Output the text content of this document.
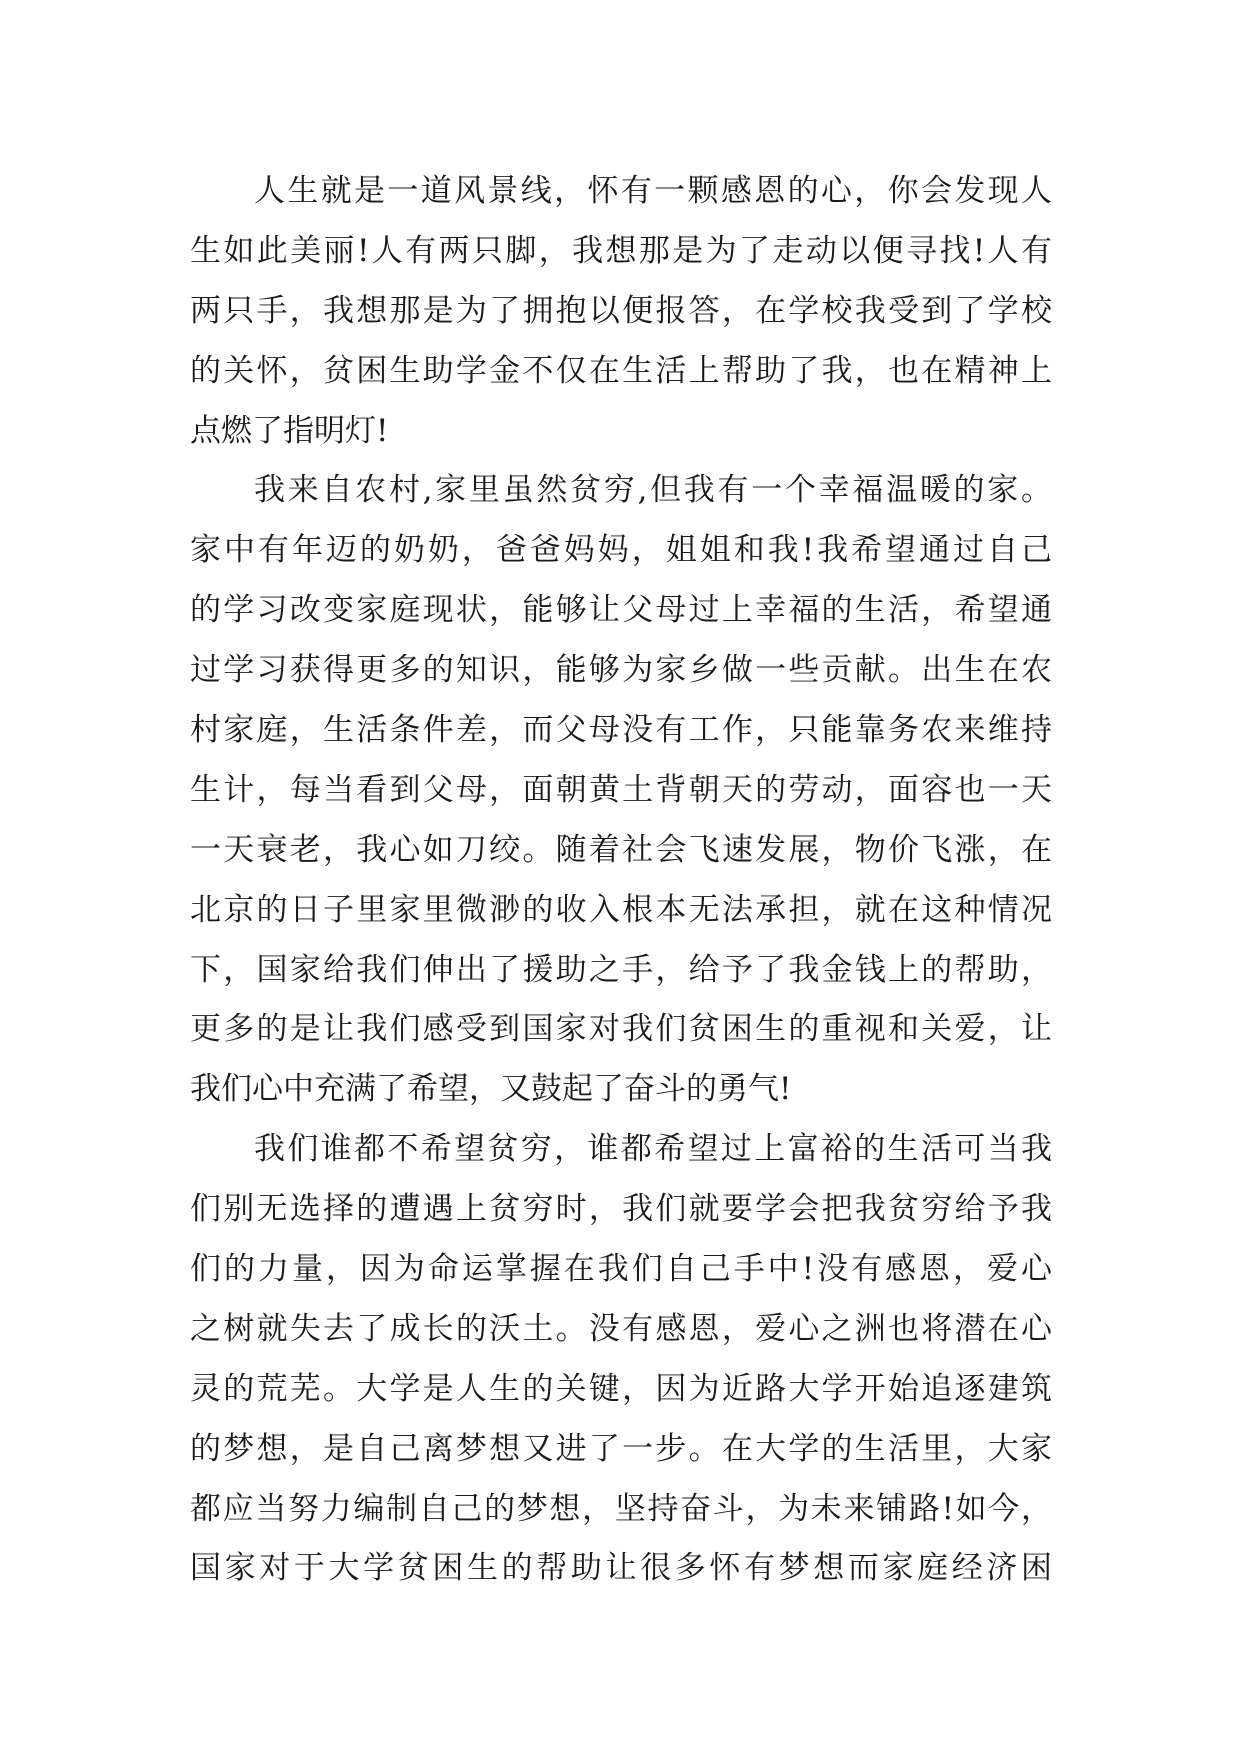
人生就是一道风景线，怀有一颗感恩的心，你会发现人
生如此美丽!人有两只脚，我想那是为了走动以便寻找!人有
两只手，我想那是为了拥抱以便报答，在学校我受到了学校
的关怀，贫困生助学金不仅在生活上帮助了我，也在精神上
点燃了指明灯!
我来自农村,家里虽然贫穷,但我有一个幸福温暖的家。
家中有年迈的奶奶，爸爸妈妈，姐姐和我!我希望通过自己
的学习改变家庭现状，能够让父母过上幸福的生活，希望通
过学习获得更多的知识，能够为家乡做一些贡献。出生在农
村家庭，生活条件差，而父母没有工作，只能靠务农来维持
生计，每当看到父母，面朝黄土背朝天的劳动，面容也一天
一天衰老，我心如刀绞。随着社会飞速发展，物价飞涨，在
北京的日子里家里微渺的收入根本无法承担，就在这种情况
下，国家给我们伸出了援助之手，给予了我金钱上的帮助，
更多的是让我们感受到国家对我们贫困生的重视和关爱，让
我们心中充满了希望，又鼓起了奋斗的勇气!
我们谁都不希望贫穷，谁都希望过上富裕的生活可当我
们别无选择的遭遇上贫穷时，我们就要学会把我贫穷给予我
们的力量，因为命运掌握在我们自己手中!没有感恩，爱心
之树就失去了成长的沃土。没有感恩，爱心之洲也将潜在心
灵的荒芜。大学是人生的关键，因为近路大学开始追逐建筑
的梦想，是自己离梦想又进了一步。在大学的生活里，大家
都应当努力编制自己的梦想，坚持奋斗，为未来铺路!如今，
国家对于大学贫困生的帮助让很多怀有梦想而家庭经济困
